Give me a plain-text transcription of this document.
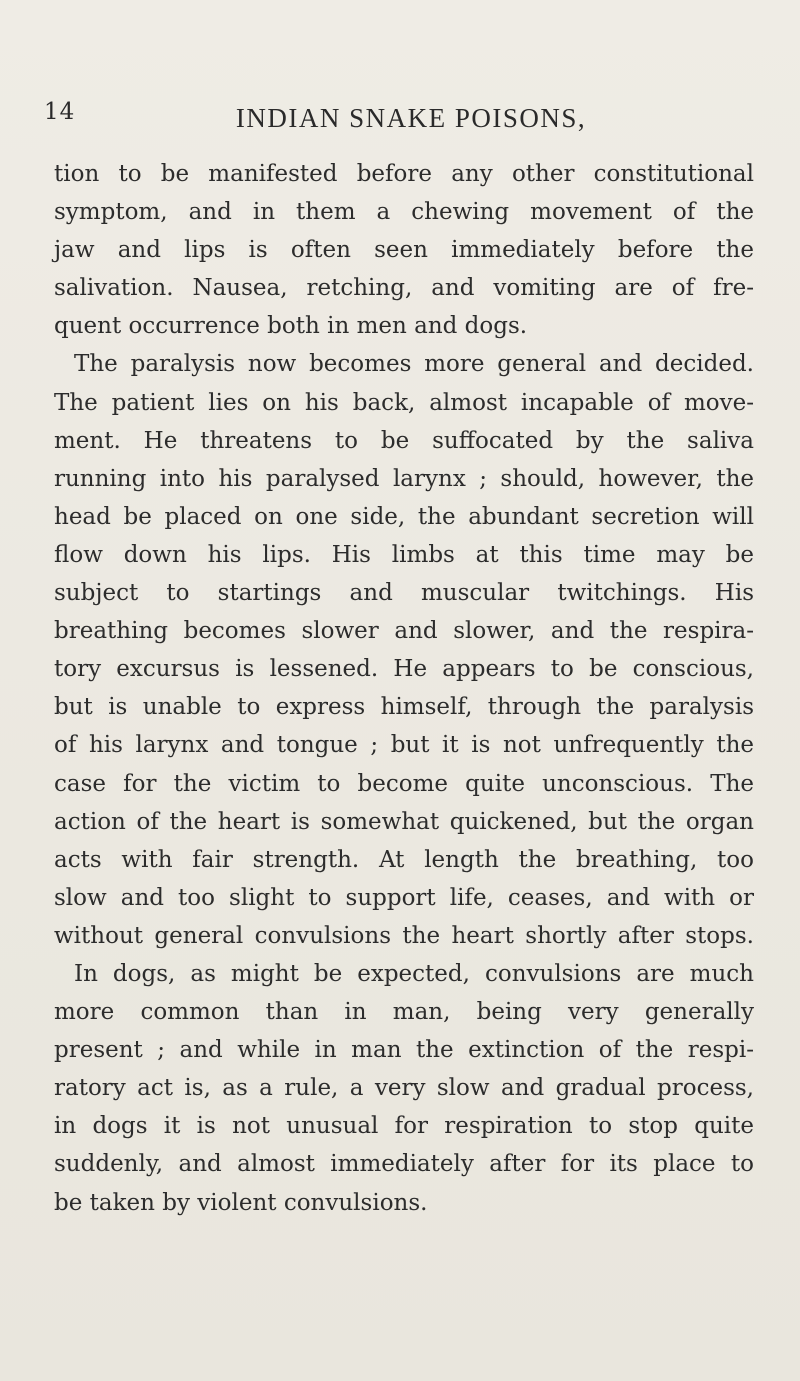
14	INDIAN SNAKE POISONS,
tion to be manifested before any other constitutional
symptom, and in them a chewing movement of the
jaw and lips is often seen immediately before the
salivation. Nausea, retching, and vomiting are of fre-
quent occurrence both in men and dogs.
The paralysis now becomes more general and decided.
The patient lies on his back, almost incapable of move-
ment. He threatens to be suffocated by the saliva
running into his paralysed larynx ; should, however, the
head be placed on one side, the abundant secretion will
flow down his lips. His limbs at this time may be
subject to startings and muscular twitchings. His
breathing becomes slower and slower, and the respira-
tory excursus is lessened. He appears to be conscious,
but is unable to express himself, through the paralysis
of his larynx and tongue ; but it is not unfrequently the
case for the victim to become quite unconscious. The
action of the heart is somewhat quickened, but the organ
acts with fair strength. At length the breathing, too
slow and too slight to support life, ceases, and with or
without general convulsions the heart shortly after stops.
In dogs, as might be expected, convulsions are much
more common than in man, being very generally
present ; and while in man the extinction of the respi-
ratory act is, as a rule, a very slow and gradual process,
in dogs it is not unusual for respiration to stop quite
suddenly, and almost immediately after for its place to
be taken by violent convulsions.
